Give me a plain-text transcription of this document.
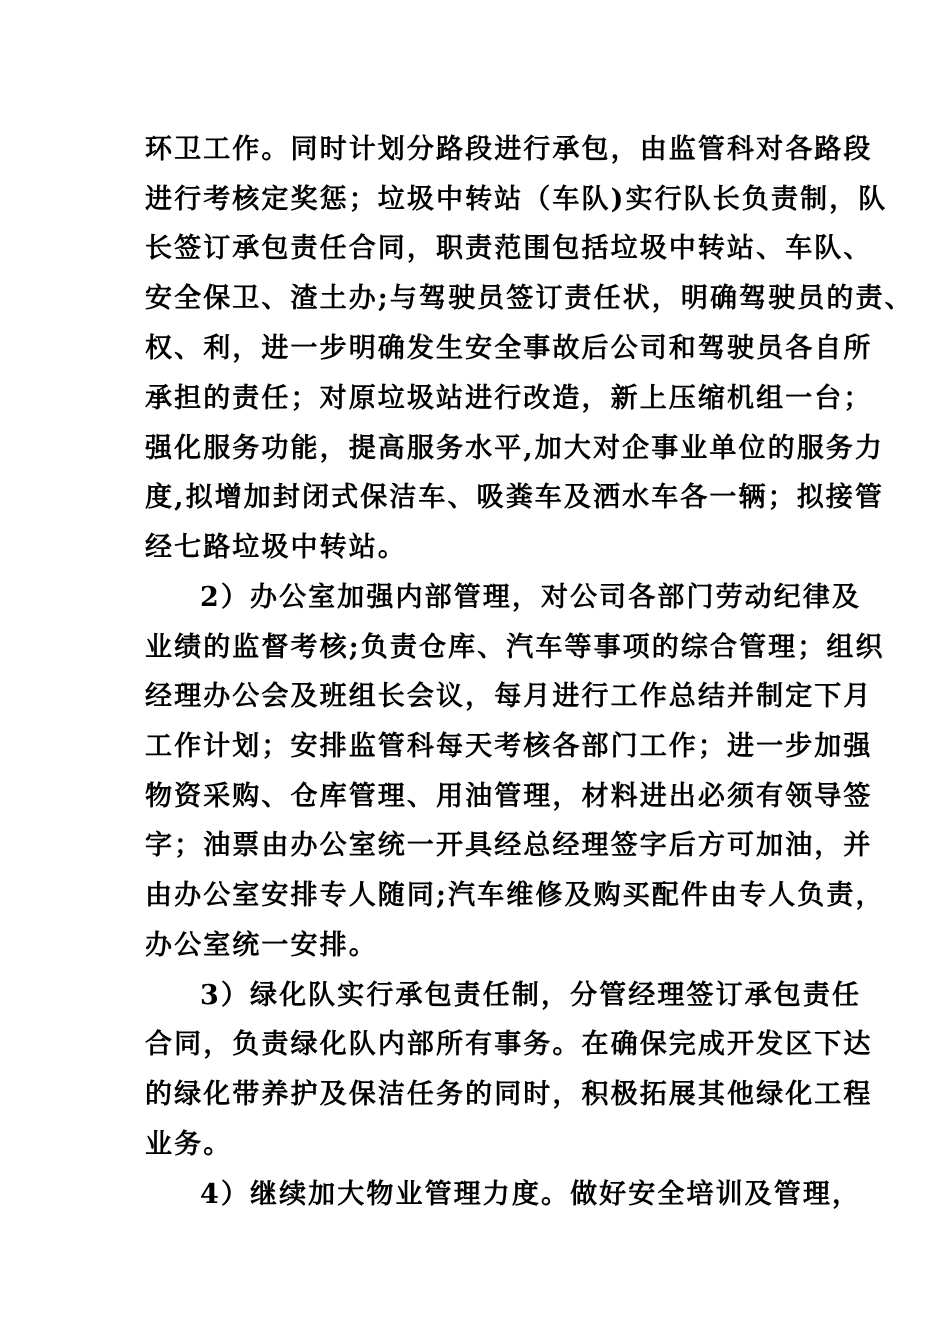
环卫工作。同时计划分路段进行承包，由监管科对各路段
进行考核定奖惩；垃圾中转站（车队)实行队长负责制，队
长签订承包责任合同，职责范围包括垃圾中转站、车队、
安全保卫、渣土办;与驾驶员签订责任状，明确驾驶员的责、
权、利，进一步明确发生安全事故后公司和驾驶员各自所
承担的责任；对原垃圾站进行改造，新上压缩机组一台；
强化服务功能，提高服务水平,加大对企事业单位的服务力
度,拟增加封闭式保洁车、吸粪车及洒水车各一辆；拟接管
经七路垃圾中转站。
2）办公室加强内部管理，对公司各部门劳动纪律及
业绩的监督考核;负责仓库、汽车等事项的综合管理；组织
经理办公会及班组长会议，每月进行工作总结并制定下月
工作计划；安排监管科每天考核各部门工作；进一步加强
物资采购、仓库管理、用油管理，材料进出必须有领导签
字；油票由办公室统一开具经总经理签字后方可加油，并
由办公室安排专人随同;汽车维修及购买配件由专人负责，
办公室统一安排。
3）绿化队实行承包责任制，分管经理签订承包责任
合同，负责绿化队内部所有事务。在确保完成开发区下达
的绿化带养护及保洁任务的同时，积极拓展其他绿化工程
业务。
4）继续加大物业管理力度。做好安全培训及管理，
